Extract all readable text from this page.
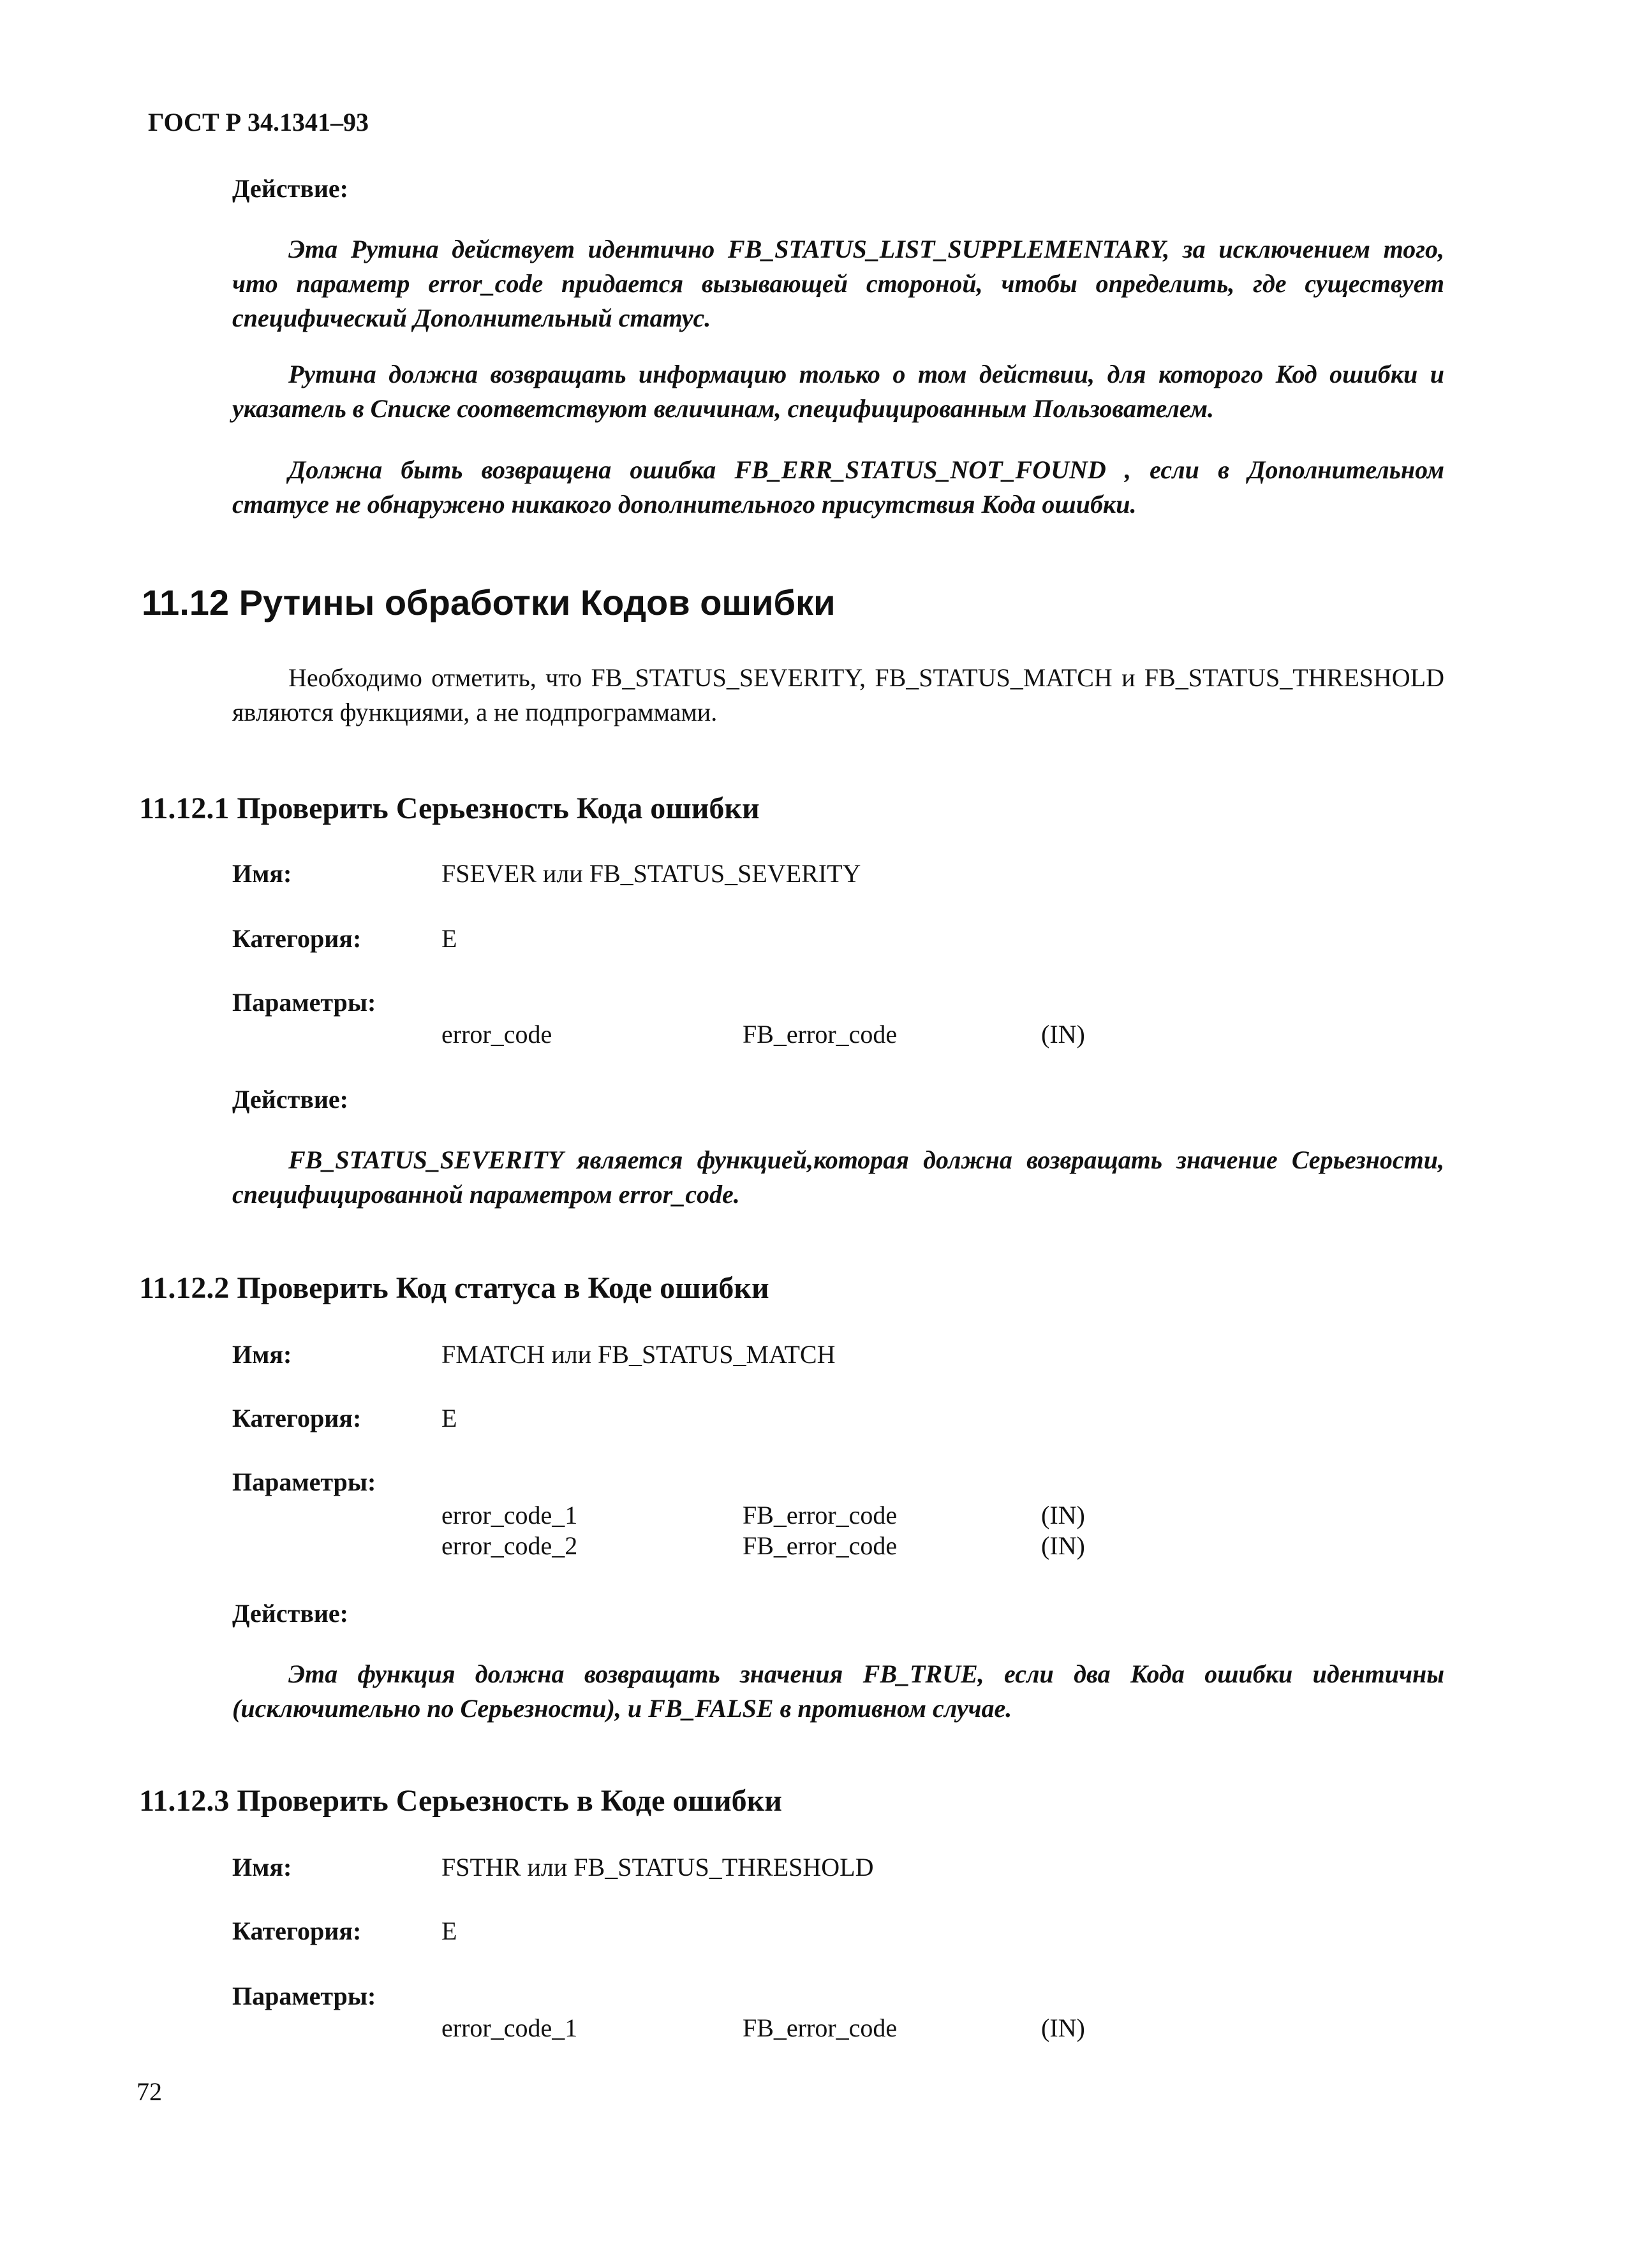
ГОСТ Р 34.1341–93
Действие:
Эта Рутина действует идентично FB_STATUS_LIST_SUPPLEMENTARY, за исключением того, что параметр error_code придается вызывающей стороной, чтобы определить, где существует специфический Дополнительный статус.
Рутина должна возвращать информацию только о том действии, для которого Код ошибки и указатель в Списке соответствуют величинам, специфицированным Пользователем.
Должна быть возвращена ошибка FB_ERR_STATUS_NOT_FOUND , если в Дополнительном статусе не обнаружено никакого дополнительного присутствия Кода ошибки.
11.12 Рутины обработки Кодов ошибки
Необходимо отметить, что FB_STATUS_SEVERITY, FB_STATUS_MATCH и FB_STATUS_THRESHOLD являются функциями, а не подпрограммами.
11.12.1 Проверить Серьезность Кода ошибки
Имя:	FSEVER или FB_STATUS_SEVERITY
Категория:	E
Параметры:
error_code	FB_error_code	(IN)
Действие:
FB_STATUS_SEVERITY является функцией,которая должна возвращать значение Серьезности, специфицированной параметром error_code.
11.12.2 Проверить Код статуса в Коде ошибки
Имя:	FMATCH или FB_STATUS_MATCH
Категория:	E
Параметры:
error_code_1	FB_error_code	(IN)
error_code_2	FB_error_code	(IN)
Действие:
Эта функция должна возвращать значения FB_TRUE, если два Кода ошибки идентичны (исключительно по Серьезности), и FB_FALSE в противном случае.
11.12.3 Проверить Серьезность в Коде ошибки
Имя:	FSTHR или FB_STATUS_THRESHOLD
Категория:	E
Параметры:
error_code_1	FB_error_code	(IN)
72
